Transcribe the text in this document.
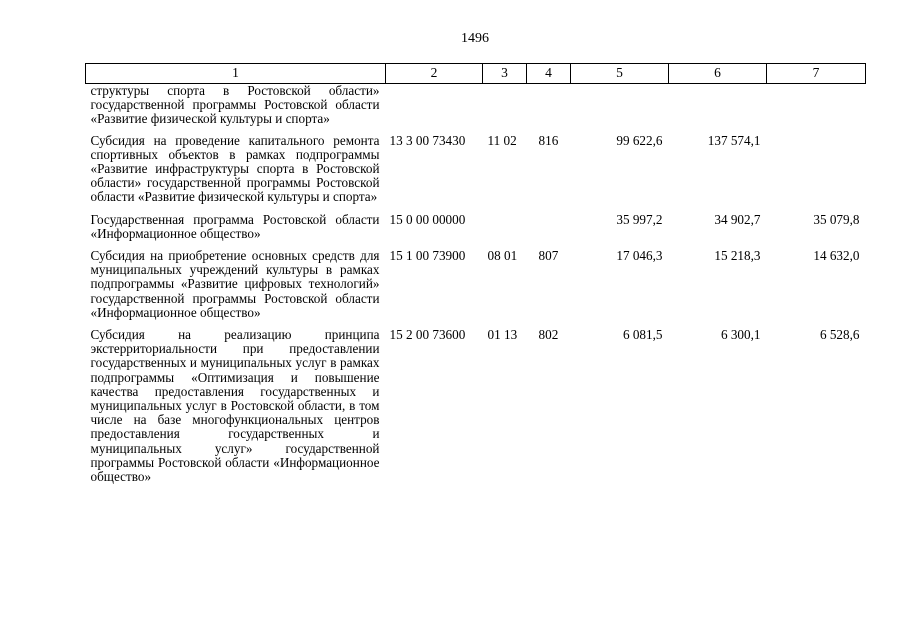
1496
1	2	3	4	5	6	7
структуры спорта в Ростовской области» государственной программы Ростовской области «Развитие физической культуры и спорта»						
Субсидия на проведение капитального ремонта спортивных объектов в рамках подпрограммы «Развитие инфраструктуры спорта в Ростовской области» государственной программы Ростовской области «Развитие физической культуры и спорта»	13 3 00 73430	11 02	816	99 622,6	137 574,1	
Государственная программа Ростовской области «Информационное общество»	15 0 00 00000			35 997,2	34 902,7	35 079,8
Субсидия на приобретение основных средств для муниципальных учреждений культуры в рамках подпрограммы «Развитие цифровых технологий» государственной программы Ростовской области «Информационное общество»	15 1 00 73900	08 01	807	17 046,3	15 218,3	14 632,0
Субсидия на реализацию принципа экстерриториальности при предоставлении государственных и муниципальных услуг в рамках подпрограммы «Оптимизация и повышение качества предоставления государственных и муниципальных услуг в Ростовской области, в том числе на базе многофункциональных центров предоставления государственных и муниципальных услуг» государственной программы Ростовской области «Информационное общество»	15 2 00 73600	01 13	802	6 081,5	6 300,1	6 528,6
